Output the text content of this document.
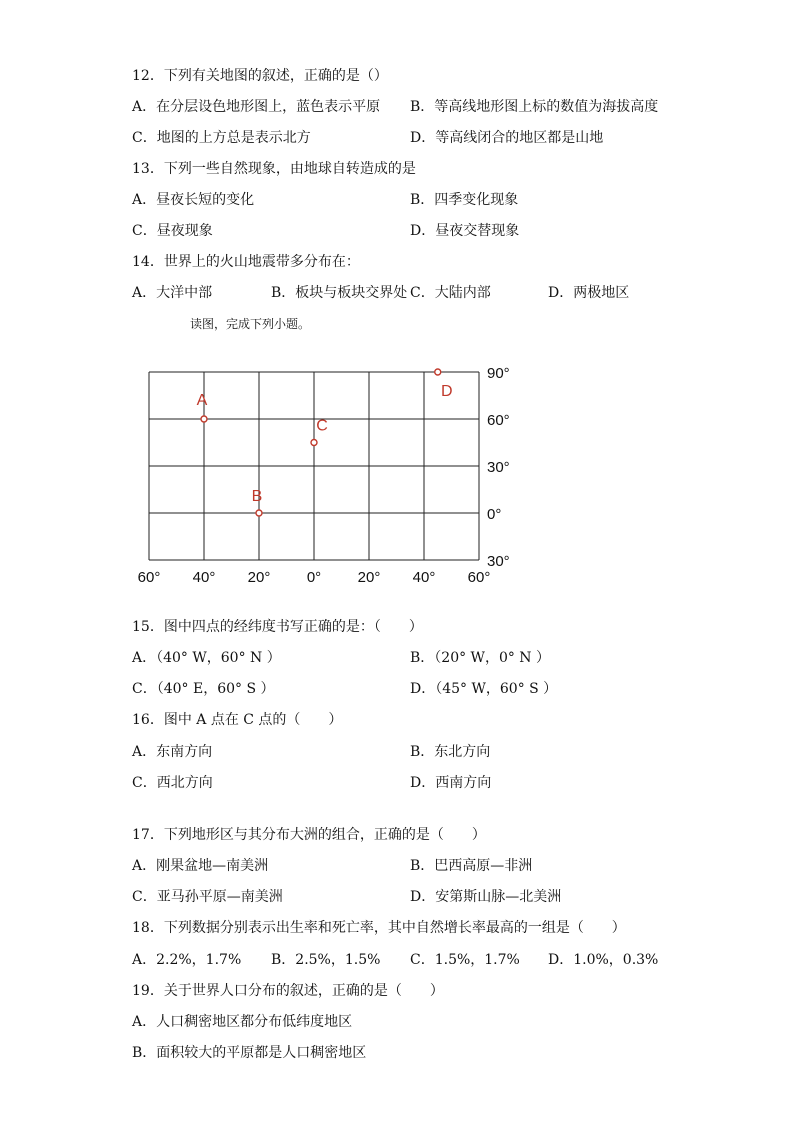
12．下列有关地图的叙述，正确的是（）
A．在分层设色地形图上，蓝色表示平原 B．等高线地形图上标的数值为海拔高度
C．地图的上方总是表示北方	D．等高线闭合的地区都是山地
13．下列一些自然现象，由地球自转造成的是
A．昼夜长短的变化	B．四季变化现象
C．昼夜现象	D．昼夜交替现象
14．世界上的火山地震带多分布在：
A．大洋中部	B．板块与板块交界处 C．大陆内部	D．两极地区
读图，完成下列小题。
90°
60°
30°
0°
30°
60° 40° 20° 0° 20° 40° 60°
A
B
C
D
15．图中四点的经纬度书写正确的是：（　　）
A．（40° W，60° N ）	B．（20° W，0° N ）
C．（40° E，60° S ）	D．（45° W，60° S ）
16．图中 A 点在 C 点的（　　）
A．东南方向	B．东北方向
C．西北方向	D．西南方向
17．下列地形区与其分布大洲的组合，正确的是（　　）
A．刚果盆地—南美洲	B．巴西高原—非洲
C．亚马孙平原—南美洲	D．安第斯山脉—北美洲
18．下列数据分别表示出生率和死亡率，其中自然增长率最高的一组是（　　）
A．2.2%，1.7% B．2.5%，1.5% C．1.5%，1.7% D．1.0%，0.3%
19．关于世界人口分布的叙述，正确的是（　　）
A．人口稠密地区都分布低纬度地区
B．面积较大的平原都是人口稠密地区
